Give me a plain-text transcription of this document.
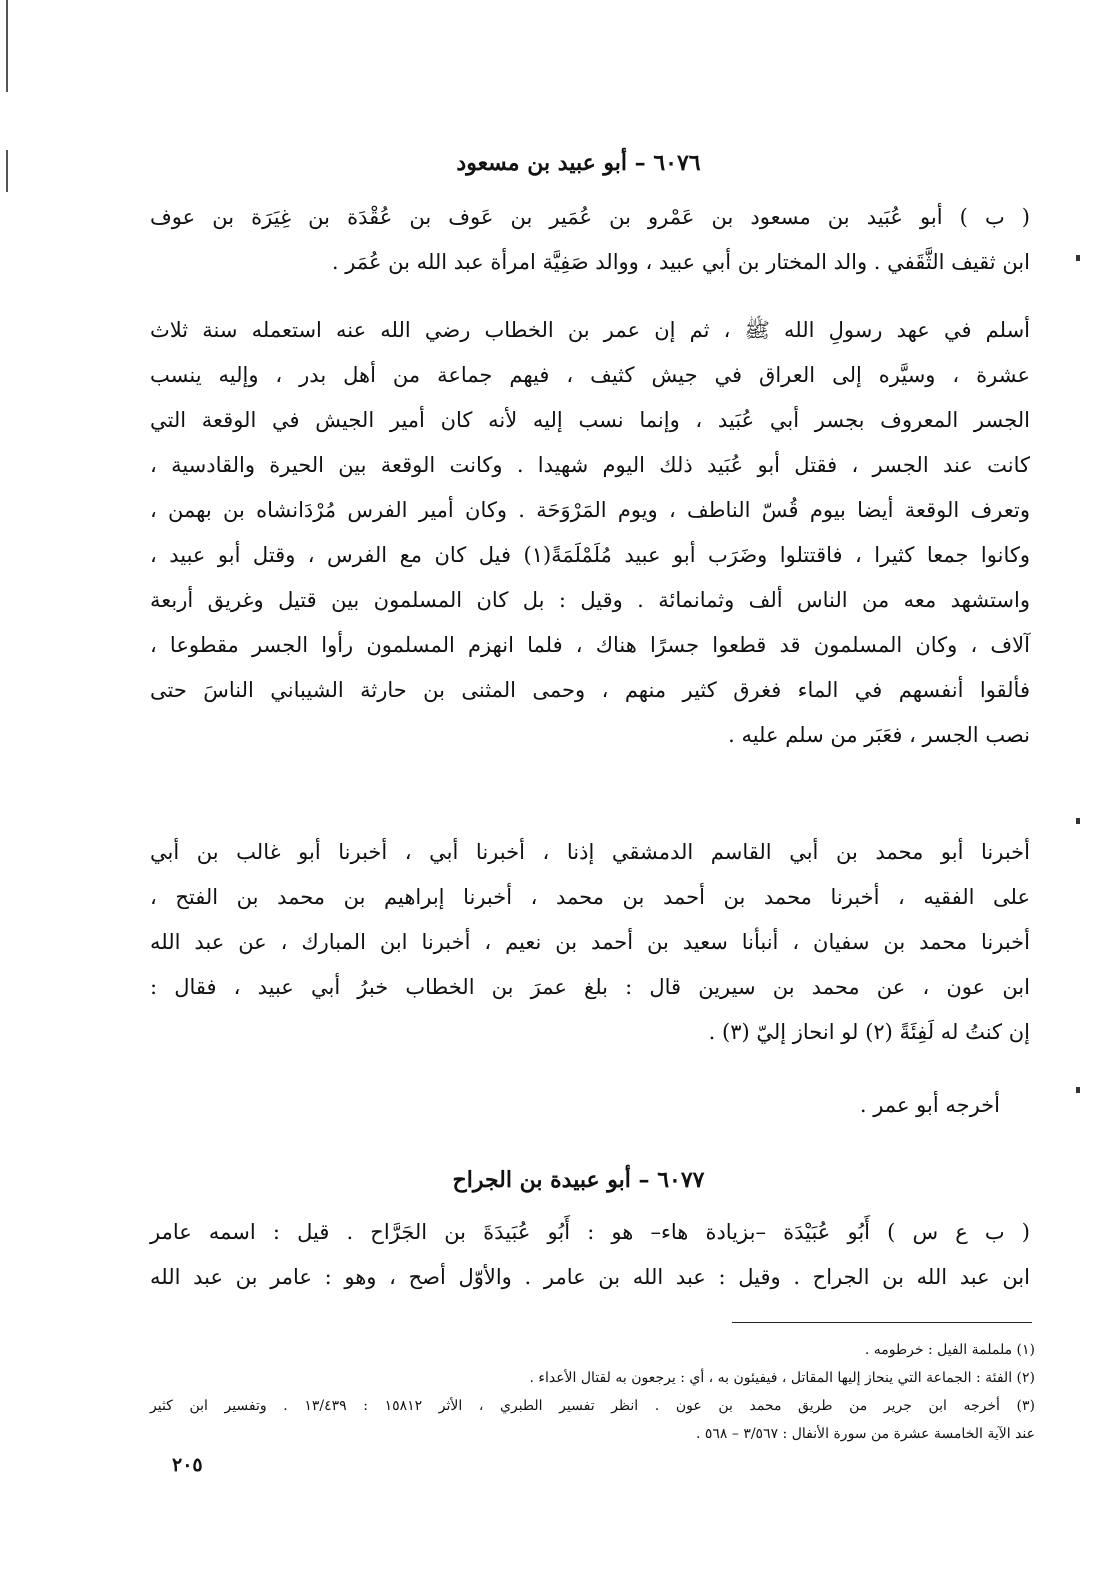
٦٠٧٦ – أبو عبيد بن مسعود
( ب ) أبو عُبَيد بن مسعود بن عَمْرو بن عُمَير بن عَوف بن عُقْدَة بن غِيَرَة بن عوف
ابن ثقيف الثَّقَفي . والد المختار بن أبي عبيد ، ووالد صَفِيَّة امرأة عبد الله بن عُمَر .
أسلم في عهد رسولِ الله ﷺ ، ثم إن عمر بن الخطاب رضي الله عنه استعمله سنة ثلاث
عشرة ، وسيَّره إلى العراق في جيش كثيف ، فيهم جماعة من أهل بدر ، وإليه ينسب
الجسر المعروف بجسر أبي عُبَيد ، وإنما نسب إليه لأنه كان أمير الجيش في الوقعة التي
كانت عند الجسر ، فقتل أبو عُبَيد ذلك اليوم شهيدا . وكانت الوقعة بين الحيرة والقادسية ،
وتعرف الوقعة أيضا بيوم قُسّ الناطف ، ويوم المَرْوَحَة . وكان أمير الفرس مُرْدَانشاه بن بهمن ،
وكانوا جمعا كثيرا ، فاقتتلوا وضَرَب أبو عبيد مُلَمْلَمَةً(١) فيل كان مع الفرس ، وقتل أبو عبيد ،
واستشهد معه من الناس ألف وثمانمائة . وقيل : بل كان المسلمون بين قتيل وغريق أربعة
آلاف ، وكان المسلمون قد قطعوا جسرًا هناك ، فلما انهزم المسلمون رأوا الجسر مقطوعا ،
فألقوا أنفسهم في الماء فغرق كثير منهم ، وحمى المثنى بن حارثة الشيباني الناسَ حتى
نصب الجسر ، فعَبَر من سلم عليه .
أخبرنا أبو محمد بن أبي القاسم الدمشقي إذنا ، أخبرنا أبي ، أخبرنا أبو غالب بن أبي
على الفقيه ، أخبرنا محمد بن أحمد بن محمد ، أخبرنا إبراهيم بن محمد بن الفتح ،
أخبرنا محمد بن سفيان ، أنبأنا سعيد بن أحمد بن نعيم ، أخبرنا ابن المبارك ، عن عبد الله
ابن عون ، عن محمد بن سيرين قال : بلغ عمرَ بن الخطاب خبرُ أبي عبيد ، فقال :
إن كنتُ له لَفِئَةً (٢) لو انحاز إليّ (٣) .
أخرجه أبو عمر .
٦٠٧٧ – أبو عبيدة بن الجراح
( ب ع س ) أَبُو عُبَيْدَة –بزيادة هاء– هو : أَبُو عُبَيدَةَ بن الجَرَّاح . قيل : اسمه عامر
ابن عبد الله بن الجراح . وقيل : عبد الله بن عامر . والأوّل أصح ، وهو : عامر بن عبد الله
(١) ململمة الفيل : خرطومه .
(٢) الفئة : الجماعة التي ينحاز إليها المقاتل ، فيفيئون به ، أي : يرجعون به لقتال الأعداء .
(٣) أخرجه ابن جرير من طريق محمد بن عون . انظر تفسير الطبري ، الأثر ١٥٨١٢ : ١٣/٤٣٩ . وتفسير ابن كثير
عند الآية الخامسة عشرة من سورة الأنفال : ٣/٥٦٧ – ٥٦٨ .
٢٠٥
